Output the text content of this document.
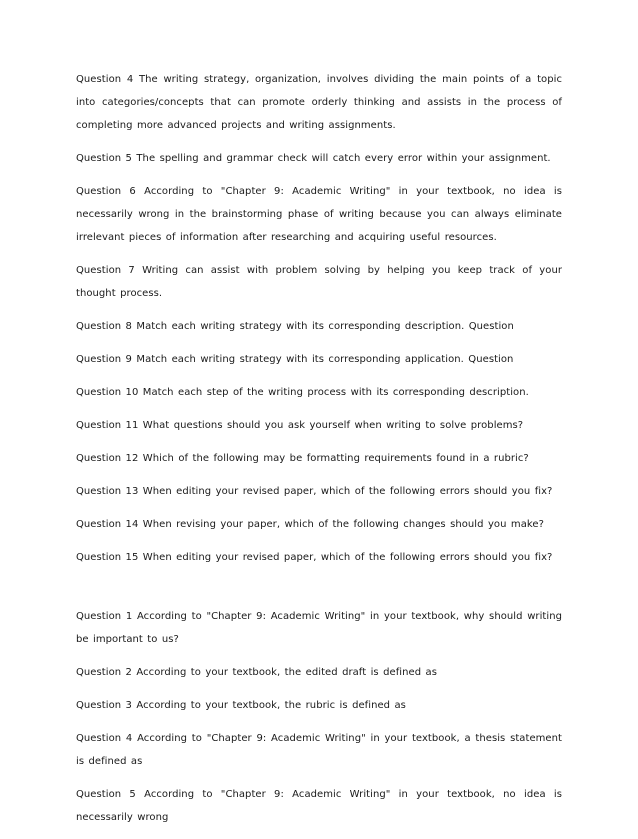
Question 4 The writing strategy, organization, involves dividing the main points of a topic into categories/concepts that can promote orderly thinking and assists in the process of completing more advanced projects and writing assignments.

Question 5 The spelling and grammar check will catch every error within your assignment.

Question 6 According to "Chapter 9: Academic Writing" in your textbook, no idea is necessarily wrong in the brainstorming phase of writing because you can always eliminate irrelevant pieces of information after researching and acquiring useful resources.

Question 7 Writing can assist with problem solving by helping you keep track of your thought process.

Question 8 Match each writing strategy with its corresponding description. Question

Question 9 Match each writing strategy with its corresponding application. Question

Question 10 Match each step of the writing process with its corresponding description.

Question 11 What questions should you ask yourself when writing to solve problems?

Question 12 Which of the following may be formatting requirements found in a rubric?

Question 13 When editing your revised paper, which of the following errors should you fix?

Question 14 When revising your paper, which of the following changes should you make?

Question 15 When editing your revised paper, which of the following errors should you fix?

Question 1 According to "Chapter 9: Academic Writing" in your textbook, why should writing be important to us?

Question 2 According to your textbook, the edited draft is defined as

Question 3 According to your textbook, the rubric is defined as

Question 4 According to "Chapter 9: Academic Writing" in your textbook, a thesis statement is defined as

Question 5 According to "Chapter 9: Academic Writing" in your textbook, no idea is necessarily wrong
